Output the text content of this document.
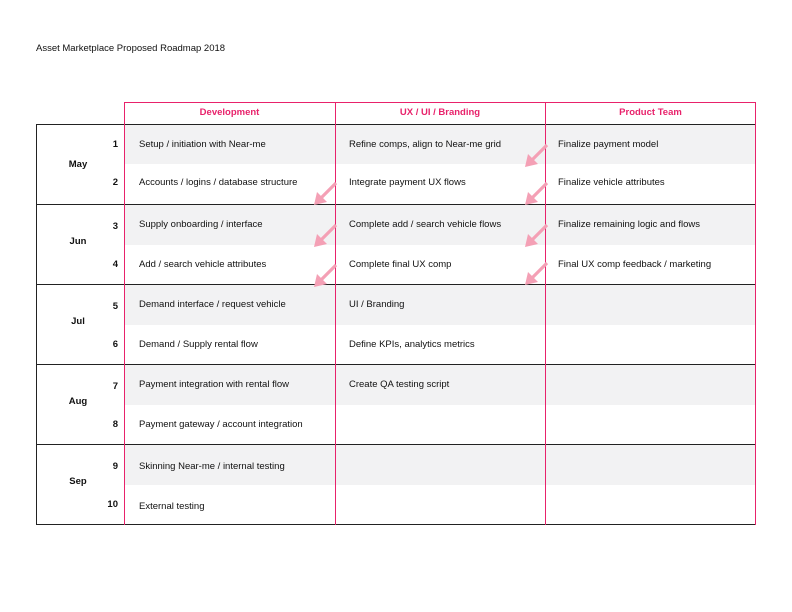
Asset Marketplace Proposed Roadmap 2018
Development	UX / UI / Branding	Product Team
May
Jun
Jul
Aug
Sep
1
2
3
4
5
6
7
8
9
10
Setup / initiation with Near-me
Accounts / logins / database structure
Supply onboarding / interface
Add / search vehicle attributes
Demand interface / request vehicle
Demand / Supply rental flow
Payment integration with rental flow
Payment gateway / account integration
Skinning Near-me / internal testing
External testing
Refine comps, align to Near-me grid
Integrate payment UX flows
Complete add / search vehicle flows
Complete final UX comp
UI / Branding
Define KPIs, analytics metrics
Create QA testing script
Finalize payment model
Finalize vehicle attributes
Finalize remaining logic and flows
Final UX comp feedback / marketing
